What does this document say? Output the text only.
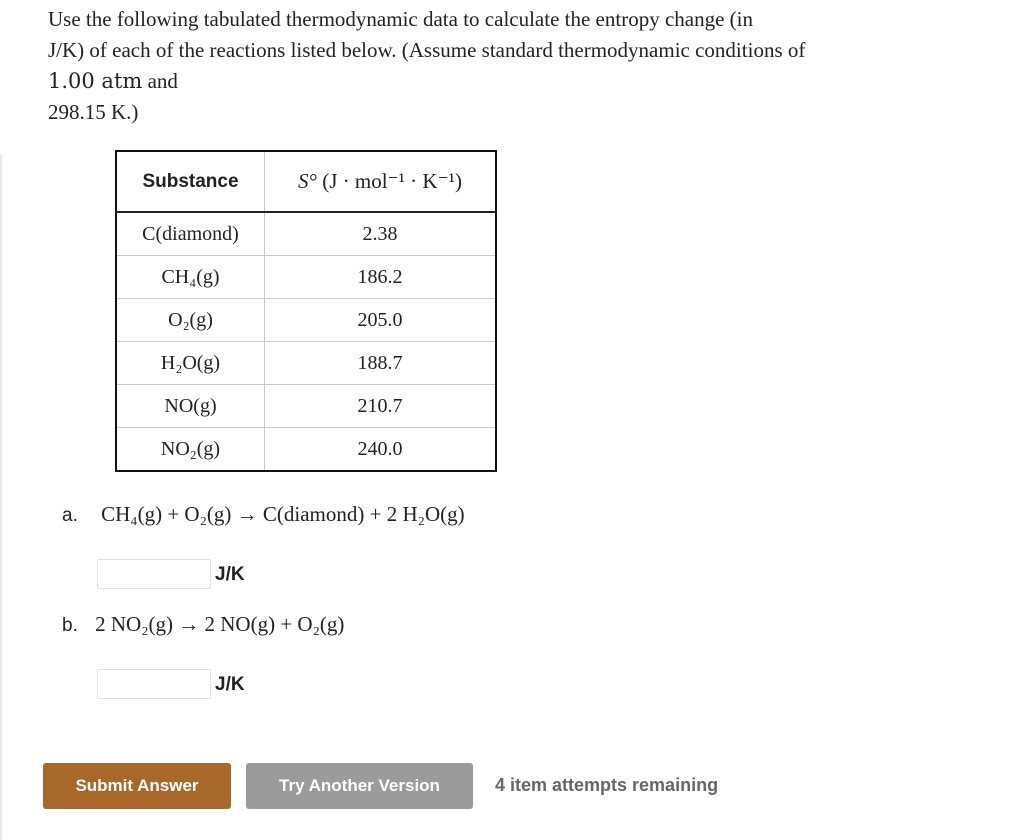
Use the following tabulated thermodynamic data to calculate the entropy change (in

J/K) of each of the reactions listed below. (Assume standard thermodynamic conditions of

1.00 atm and

298.15 K.)

Substance	S° (J · mol⁻¹ · K⁻¹)
C(diamond)	2.38
CH₄(g)	186.2
O₂(g)	205.0
H₂O(g)	188.7
NO(g)	210.7
NO₂(g)	240.0
a. CH₄(g) + O₂(g) → C(diamond) + 2 H₂O(g)
J/K
b. 2 NO₂(g) → 2 NO(g) + O₂(g)
J/K
Submit Answer	Try Another Version	4 item attempts remaining
